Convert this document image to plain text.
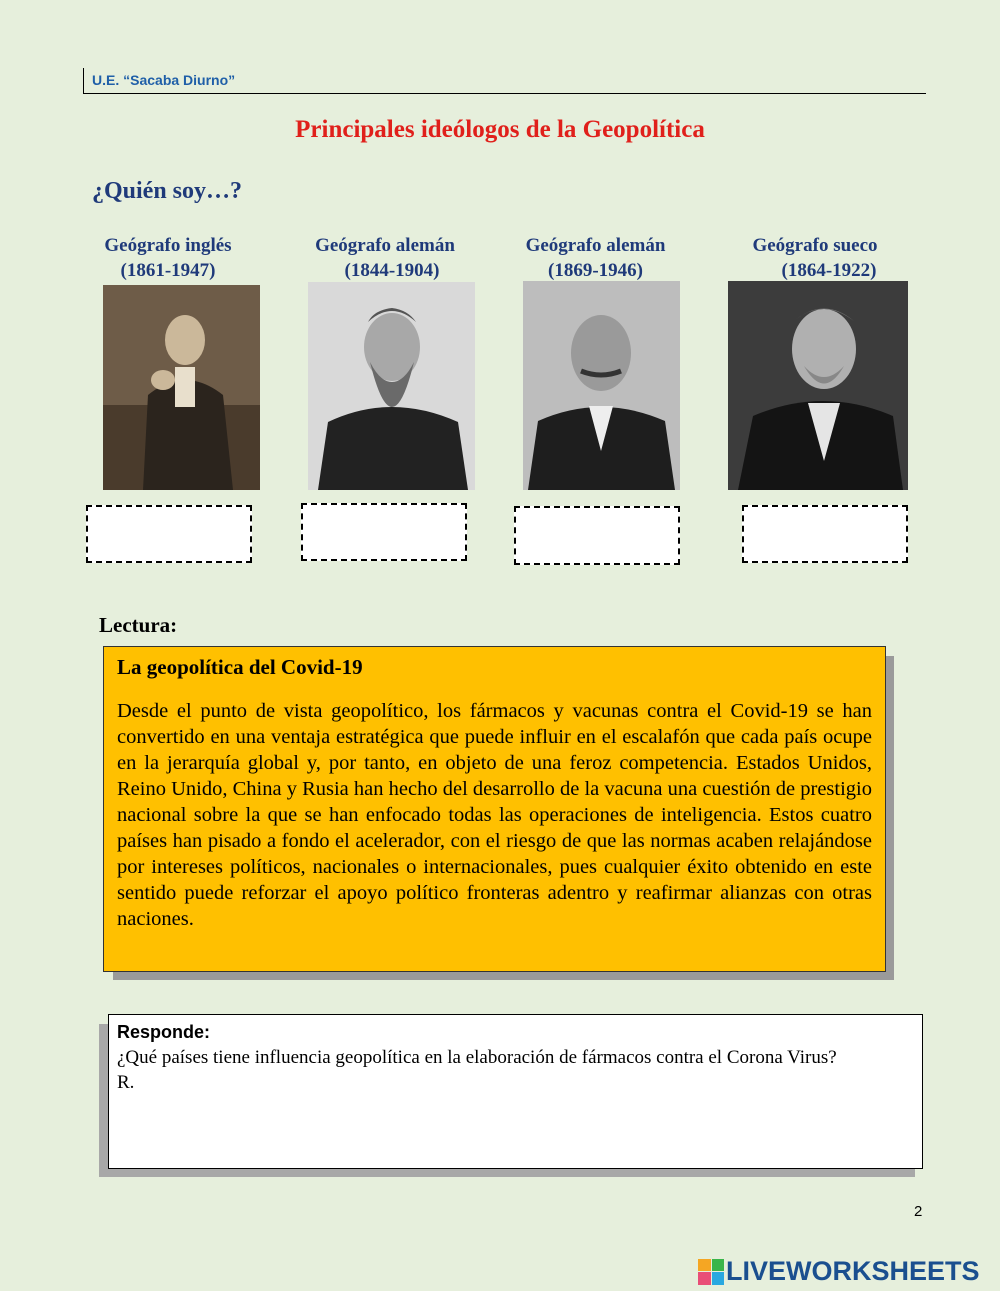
U.E. “Sacaba Diurno”
Principales ideólogos de la Geopolítica
¿Quién soy…?
Geógrafo inglés
(1861-1947)
Geógrafo alemán
(1844-1904)
Geógrafo alemán
(1869-1946)
Geógrafo sueco
(1864-1922)
Lectura:

La geopolítica del Covid-19

Desde el punto de vista geopolítico, los fármacos y vacunas contra el Covid-19 se han convertido en una ventaja estratégica que puede influir en el escalafón que cada país ocupe en la jerarquía global y, por tanto, en objeto de una feroz competencia. Estados Unidos, Reino Unido, China y Rusia han hecho del desarrollo de la vacuna una cuestión de prestigio nacional sobre la que se han enfocado todas las operaciones de inteligencia. Estos cuatro países han pisado a fondo el acelerador, con el riesgo de que las normas acaben relajándose por intereses políticos, nacionales o internacionales, pues cualquier éxito obtenido en este sentido puede reforzar el apoyo político fronteras adentro y reafirmar alianzas con otras naciones.

Responde:

¿Qué países tiene influencia geopolítica en la elaboración de fármacos contra el Corona Virus?

R.

2
LIVEWORKSHEETS
